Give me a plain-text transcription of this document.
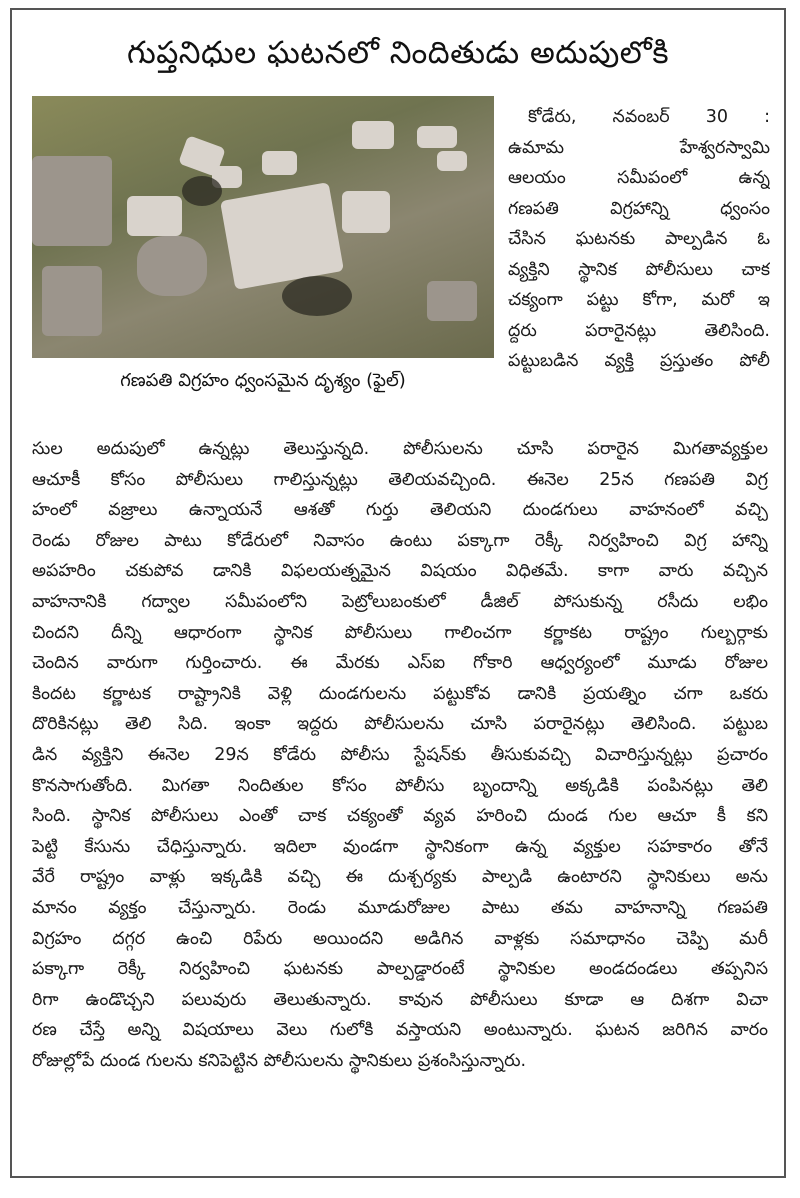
గుప్తనిధుల ఘటనలో నిందితుడు అదుపులోకి
గణపతి విగ్రహం ధ్వంసమైన దృశ్యం (ఫైల్)
కోడేరు, నవంబర్ 30 :
ఉమామ హేశ్వరస్వామి
ఆలయం సమీపంలో ఉన్న
గణపతి విగ్రహాన్ని ధ్వంసం
చేసిన ఘటనకు పాల్పడిన ఓ
వ్యక్తిని స్థానిక పోలీసులు చాక
చక్యంగా పట్టు కోగా, మరో ఇ
ద్దరు పరారైనట్లు తెలిసింది.
పట్టుబడిన వ్యక్తి ప్రస్తుతం పోలీ
సుల అదుపులో ఉన్నట్లు తెలుస్తున్నది. పోలీసులను చూసి పరారైన మిగతావ్యక్తుల
ఆచూకీ కోసం పోలీసులు గాలిస్తున్నట్లు తెలియవచ్చింది. ఈనెల 25న గణపతి విగ్ర
హంలో వజ్రాలు ఉన్నాయనే ఆశతో గుర్తు తెలియని దుండగులు వాహనంలో వచ్చి
రెండు రోజుల పాటు కోడేరులో నివాసం ఉంటు పక్కాగా రెక్కీ నిర్వహించి విగ్ర హాన్ని
అపహరిం చకుపోవ డానికి విఫలయత్నమైన విషయం విధితమే. కాగా వారు వచ్చిన
వాహనానికి గద్వాల సమీపంలోని పెట్రోలుబంకులో డీజిల్ పోసుకున్న రసీదు లభిం
చిందని దీన్ని ఆధారంగా స్థానిక పోలీసులు గాలించగా కర్ణాకట రాష్ట్రం గుల్బర్గాకు
చెందిన వారుగా గుర్తించారు. ఈ మేరకు ఎస్ఐ గోకారి ఆధ్వర్యంలో మూడు రోజుల
కిందట కర్ణాటక రాష్ట్రానికి వెళ్లి దుండగులను పట్టుకోవ డానికి ప్రయత్నిం చగా ఒకరు
దొరికినట్లు తెలి సిది. ఇంకా ఇద్దరు పోలీసులను చూసి పరారైనట్లు తెలిసింది. పట్టుబ
డిన వ్యక్తిని ఈనెల 29న కోడేరు పోలీసు స్టేషన్‌కు తీసుకువచ్చి విచారిస్తున్నట్లు ప్రచారం
కొనసాగుతోంది. మిగతా నిందితుల కోసం పోలీసు బృందాన్ని అక్కడికి పంపినట్లు తెలి
సింది. స్థానిక పోలీసులు ఎంతో చాక చక్యంతో వ్యవ హరించి దుండ గుల ఆచూ కీ కని
పెట్టి కేసును చేధిస్తున్నారు. ఇదిలా వుండగా స్థానికంగా ఉన్న వ్యక్తుల సహకారం తోనే
వేరే రాష్ట్రం వాళ్లు ఇక్కడికి వచ్చి ఈ దుశ్చర్యకు పాల్పడి ఉంటారని స్థానికులు అను
మానం వ్యక్తం చేస్తున్నారు. రెండు మూడురోజుల పాటు తమ వాహనాన్ని గణపతి
విగ్రహం దగ్గర ఉంచి రిపేరు అయిందని అడిగిన వాళ్లకు సమాధానం చెప్పి మరీ
పక్కాగా రెక్కీ నిర్వహించి ఘటనకు పాల్పడ్డారంటే స్థానికుల అండదండలు తప్పనిస
రిగా ఉండొచ్చని పలువురు తెలుతున్నారు. కావున పోలీసులు కూడా ఆ దిశగా విచా
రణ చేస్తే అన్ని విషయాలు వెలు గులోకి వస్తాయని అంటున్నారు. ఘటన జరిగిన వారం
రోజుల్లోపే దుండ గులను కనిపెట్టిన పోలీసులను స్థానికులు ప్రశంసిస్తున్నారు.
